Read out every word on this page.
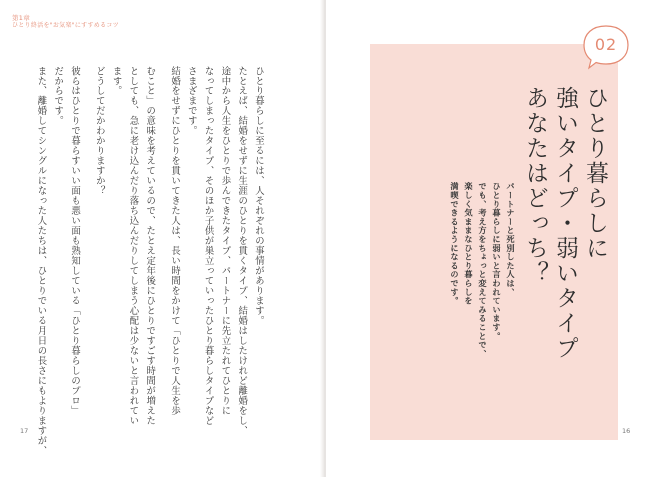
第1章
ひとり終活を"お気楽"にすすめるコツ

ひとり暮らしに至るには、人それぞれの事情があります。

たとえば、結婚をせずに生涯のひとりを貫くタイプ、結婚はしたけれど離婚をし、

途中から人生をひとりで歩んできたタイプ、パートナーに先立たれてひとりに

なってしまったタイプ、そのほか子供が巣立っていったひとり暮らしタイプなど

さまざまです。

結婚をせずにひとりを貫いてきた人は、長い時間をかけて「ひとりで人生を歩

むこと」の意味を考えているので、たとえ定年後にひとりですごす時間が増えた

としても、急に老け込んだり落ち込んだりしてしまう心配は少ないと言われてい

ます。

どうしてだかわかりますか？

彼らはひとりで暮らすいい面も悪い面も熟知している「ひとり暮らしのプロ」

だからです。

また、離婚してシングルになった人たちは、ひとりでいる月日の長さにもよりますが、

17
02

ひとり暮らしに

強いタイプ・弱いタイプ

あなたはどっち？

パートナーと死別した人は、

ひとり暮らしに弱いと言われています。

でも、考え方をちょっと変えてみることで、

楽しく気ままなひとり暮らしを

満喫できるようになるのです。

16
